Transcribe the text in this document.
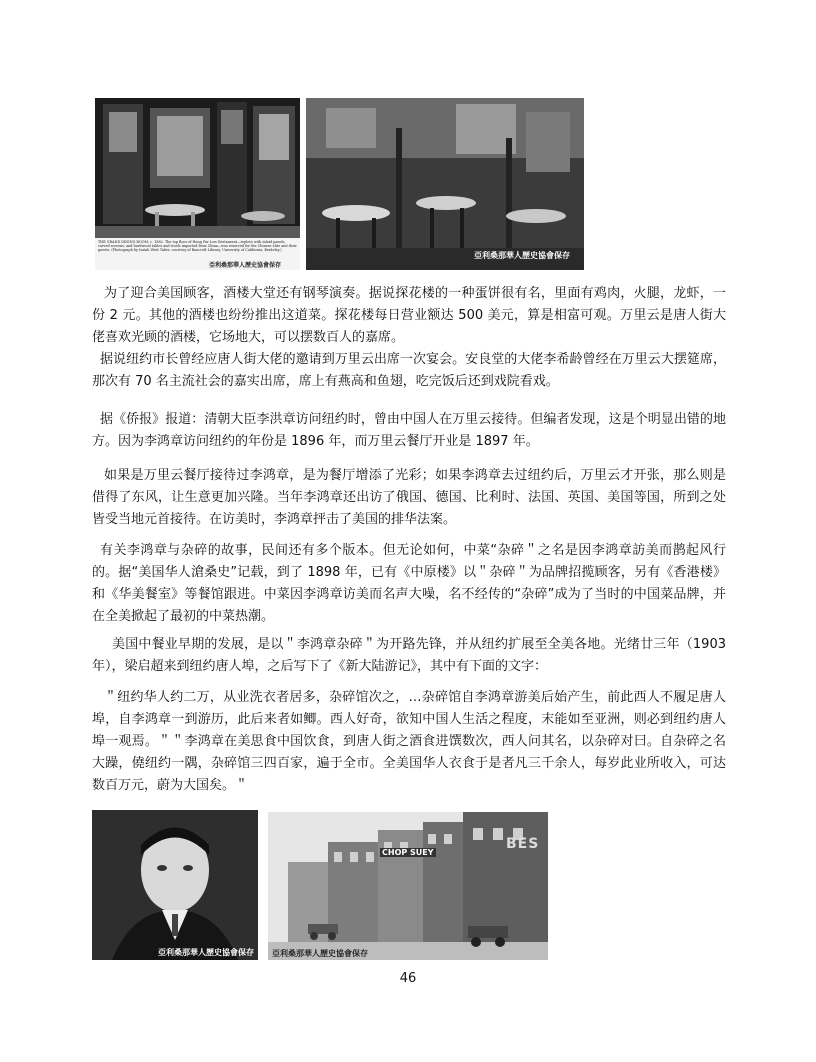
THE GRAND DINING ROOM, c. 1882. The top floor of Hang Far Low Restaurant—replete with inlaid panels, carved screens, and hardwood tables and stools imported from China—was reserved for the Chinese elite and their guests. (Photograph by Isaiah West Taber, courtesy of Bancroft Library, University of California, Berkeley.)
亞利桑那華人歷史協會保存
亞利桑那華人歷史協會保存
为了迎合美国顾客，酒楼大堂还有钢琴演奏。据说探花楼的一种蛋饼很有名，里面有鸡肉，火腿，龙虾，一份 2 元。其他的酒楼也纷纷推出这道菜。探花楼每日营业额达 500 美元，算是相富可观。万里云是唐人街大佬喜欢光顾的酒楼，它场地大，可以摆数百人的嘉席。
据说纽约市长曾经应唐人街大佬的邀请到万里云出席一次宴会。安良堂的大佬李希龄曾经在万里云大摆筵席，那次有 70 名主流社会的嘉实出席，席上有燕高和鱼翅，吃完饭后还到戏院看戏。
据《侨报》报道：清朝大臣李洪章访问纽约时，曾由中国人在万里云接待。但编者发现，这是个明显出错的地方。因为李鸿章访问纽约的年份是 1896 年，而万里云餐厅开业是 1897 年。
如果是万里云餐厅接待过李鸿章，是为餐厅增添了光彩；如果李鸿章去过纽约后，万里云才开张，那么则是借得了东风，让生意更加兴隆。当年李鸿章还出访了俄国、德国、比利时、法国、英国、美国等国，所到之处皆受当地元首接待。在访美时，李鸿章抨击了美国的排华法案。
有关李鸿章与杂碎的故事，民间还有多个版本。但无论如何，中菜“杂碎＂之名是因李鸿章訪美而鹊起风行的。据“美国华人滄桑史”记载，到了 1898 年，已有《中原楼》以＂杂碎＂为品牌招揽顾客，另有《香港楼》和《华美餐室》等餐馆跟进。中菜因李鸿章访美而名声大噪，名不经传的“杂碎”成为了当时的中国菜品牌，并在全美掀起了最初的中菜热潮。
美国中餐业早期的发展，是以＂李鸿章杂碎＂为开路先锋，并从纽约扩展至全美各地。光绪廿三年（1903 年），梁启超来到纽约唐人埠，之后写下了《新大陆游记》，其中有下面的文字：
＂纽约华人约二万，从业洗衣者居多，杂碎馆次之，…杂碎馆自李鸿章游美后始产生，前此西人不履足唐人埠，自李鸿章一到游历，此后来者如鲫。西人好奇，欲知中国人生活之程度，末能如至亚洲，则必到纽约唐人埠一观焉。＂＂李鸿章在美思食中国饮食，到唐人街之酒食进馔数次，西人问其名，以杂碎对曰。自杂碎之名大躁，僥纽约一隅，杂碎馆三四百家，遍于全市。全美国华人衣食于是者凡三千余人，每岁此业所收入，可达数百万元，蔚为大国矣。＂
亞利桑那華人歷史協會保存
CHOP SUEY
BES
亞利桑那華人歷史協會保存
46
